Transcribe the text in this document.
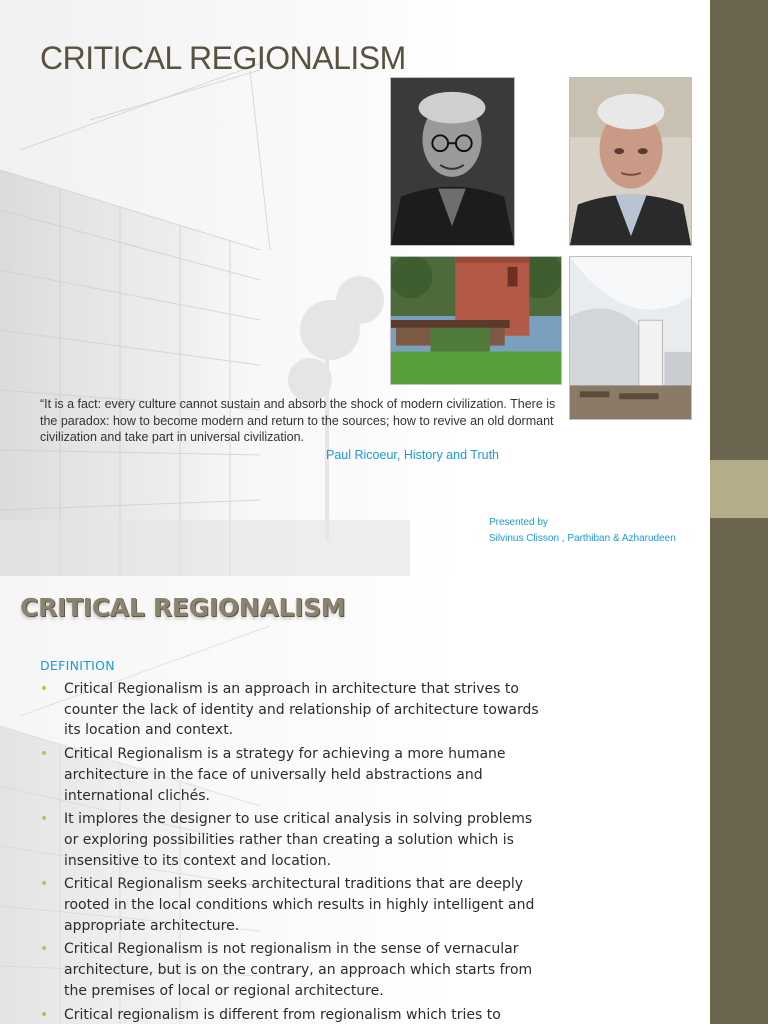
CRITICAL REGIONALISM

“It is a fact: every culture cannot sustain and absorb the shock of modern civilization. There is the paradox: how to become modern and return to the sources; how to revive an old dormant civilization and take part in universal civilization.

Paul Ricoeur, History and Truth

Presented by
Silvinus Clisson , Parthiban & Azharudeen
CRITICAL REGIONALISM

DEFINITION

• Critical Regionalism is an approach in architecture that strives to counter the lack of identity and relationship of architecture towards its location and context.
• Critical Regionalism is a strategy for achieving a more humane architecture in the face of universally held abstractions and international clichés.
• It implores the designer to use critical analysis in solving problems or exploring possibilities rather than creating a solution which is insensitive to its context and location.
• Critical Regionalism seeks architectural traditions that are deeply rooted in the local conditions which results in highly intelligent and appropriate architecture.
• Critical Regionalism is not regionalism in the sense of vernacular architecture, but is on the contrary, an approach which starts from the premises of local or regional architecture.
• Critical regionalism is different from regionalism which tries to
